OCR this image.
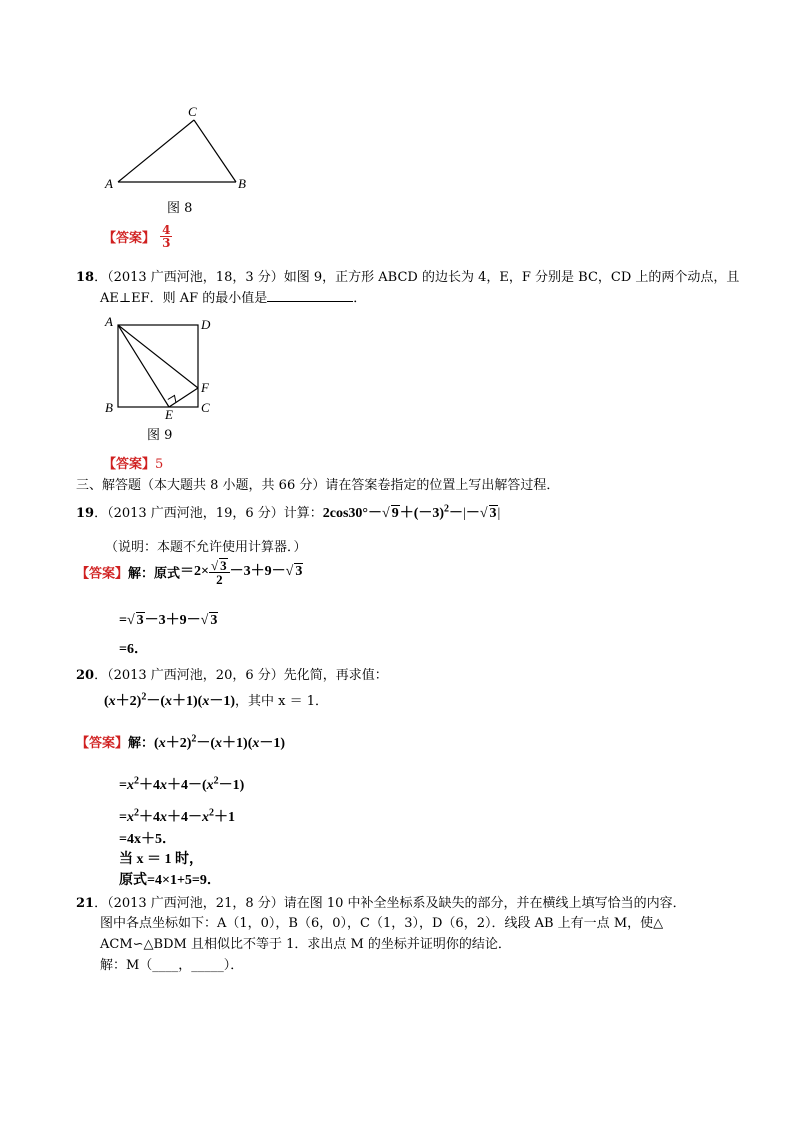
A	B
C
图 8
【答案】 $\frac{4}{3}$
18．（2013 广西河池，18，3 分）如图 9，正方形 ABCD 的边长为 4，E，F 分别是 BC，CD 上的两个动点，且
AE⊥EF．则 AF 的最小值是	．
A	D
B	C
F
E
图 9
【答案】5
三、解答题（本大题共 8 小题，共 66 分）请在答案卷指定的位置上写出解答过程．
19．（2013 广西河池，19，6 分）计算：2cos30°－√ $9+(-3)^2-|-√$ 3|
（说明：本题不允许使用计算器．）
【答案】解：原式$=2\times \frac{√ 3}{2} -3+9-√$ 3
=√ 3－3＋9－√ 3
=6．
20．（2013 广西河池，20，6 分）先化简，再求值：
$(x+2)^2-(x+1)(x-1)$，其中 x ＝ 1．
【答案】解：$(x+2)^2-(x+1)(x-1)$
$=x^2+4x+4-(x^2-1)$
$=x^2+4x+4-x^2+1$
=4x＋5．
当 x ＝ 1 时，
原式=4×1+5=9．
21．（2013 广西河池，21，8 分）请在图 10 中补全坐标系及缺失的部分，并在横线上填写恰当的内容．
图中各点坐标如下：A（1，0），B（6，0），C（1，3），D（6，2）．线段 AB 上有一点 M，使△
ACM∽△BDM 且相似比不等于 1．求出点 M 的坐标并证明你的结论．
解：M（____，_____）．
